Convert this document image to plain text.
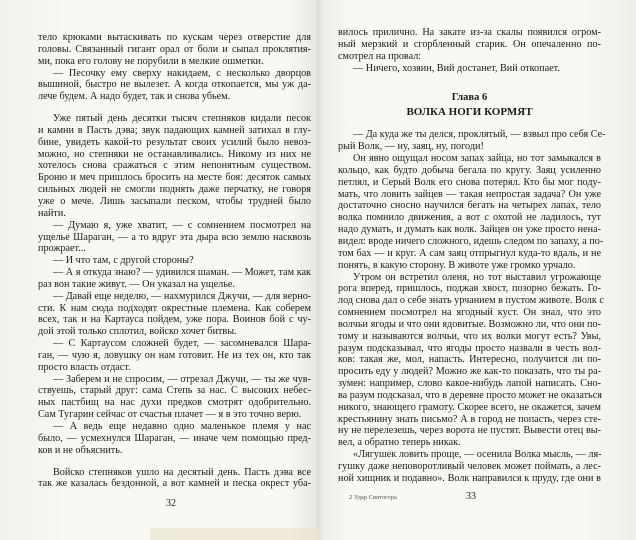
тело крюками вытаскивать по кускам через отверстие для
головы. Связанный гигант орал от боли и сыпал проклятия-
ми, пока его голову не порубили в мелкие ошметки.
— Песочку ему сверху накидаем, с несколько дворцов
вышиной, быстро не вылезет. А когда откопается, мы уж да-
лече будем. А надо будет, так и снова убьем.
Уже пятый день десятки тысяч степняков кидали песок
и камни в Пасть дэва; звук падающих камней затихал в глу-
бине, увидеть какой-то результат своих усилий было невоз-
можно, но степняки не останавливались. Никому из них не
хотелось снова сражаться с этим непонятным существом.
Броню и меч пришлось бросить на месте боя: десяток самых
сильных людей не смогли поднять даже перчатку, не говоря
уже о мече. Лишь засыпали песком, чтобы трудней было
найти.
— Думаю я, уже хватит, — с сомнением посмотрел на
ущелье Шараган, — а то вдруг эта дыра всю землю насквозь
прожрает...
— И что там, с другой стороны?
— А я откуда знаю? — удивился шаман. — Может, там как
раз вон такие живут. — Он указал на ущелье.
— Давай еще неделю, — нахмурился Джучи, — для верно-
сти. К нам сюда подходят окрестные племена. Как соберем
всех, так и на Картауса пойдем, уже пора. Воинов бой с чу-
дой этой только сплотил, войско хочет битвы.
— С Картаусом сложней будет, — засомневался Шара-
ган, — чую я, ловушку он нам готовит. Не из тех он, кто так
просто власть отдаст.
— Заберем и не спросим, — отрезал Джучи, — ты же чув-
ствуешь, старый друг: сама Степь за нас. С высоких небес-
ных пастбищ на нас духи предков смотрят одобрительно.
Сам Тугарин сейчас от счастья плачет — я в это точно верю.
— А ведь еще недавно одно маленькое племя у нас
было, — усмехнулся Шараган, — иначе чем помощью пред-
ков и не объяснить.
Войско степняков ушло на десятый день. Пасть дэва все
так же казалась бездонной, а вот камней и песка окрест уба-
вилось прилично. На закате из-за скалы появился огром-
ный мерзкий и сгорбленный старик. Он опечаленно по-
смотрел на провал:
— Ничего, хозяин, Вий достанет, Вий откопает.
Глава 6
ВОЛКА НОГИ КОРМЯТ
— Да куда же ты делся, проклятый, — взвыл про себя Се-
рый Волк, — ну, заяц, ну, погоди!
Он явно ощущал носом запах зайца, но тот замыкался в
кольцо, как будто добыча бегала по кругу. Заяц усиленно
петлял, и Серый Волк его снова потерял. Кто бы мог поду-
мать, что ловить зайцев — такая непростая задача? Он уже
достаточно сносно научился бегать на четырех лапах, тело
волка помнило движения, а вот с охотой не ладилось, тут
надо думать, и думать как волк. Зайцев он уже просто нена-
видел: вроде ничего сложного, идешь следом по запаху, а по-
том бах — и круг. А сам заяц отпрыгнул куда-то вдаль, и не
понять, в какую сторону. В животе уже громко урчало.
Утром он встретил оленя, но тот выставил угрожающе
рога вперед, пришлось, поджав хвост, позорно бежать. Го-
лод снова дал о себе знать урчанием в пустом животе. Волк с
сомнением посмотрел на ягодный куст. Он знал, что это
волчьи ягоды и что они ядовитые. Возможно ли, что они по-
тому и называются волчьи, что их волки могут есть? Увы,
разум подсказывал, что ягоды просто назвали в честь вол-
ков: такая же, мол, напасть. Интересно, получится ли по-
просить еду у людей? Можно же как-то показать, что ты ра-
зумен: например, слово какое-нибудь лапой написать. Сно-
ва разум подсказал, что в деревне просто может не оказаться
никого, знающего грамоту. Скорее всего, не окажется, зачем
крестьянину знать письмо? А в город не попасть, через сте-
ну не перелезешь, через ворота не пустят. Вывести отец вы-
вел, а обратно теперь никак.
«Лягушек ловить проще, — осенила Волка мысль, — ля-
гушку даже неповоротливый человек может поймать, а лес-
ной хищник и подавно». Волк направился к пруду, где они в
32
2 Удар Святогора	33
